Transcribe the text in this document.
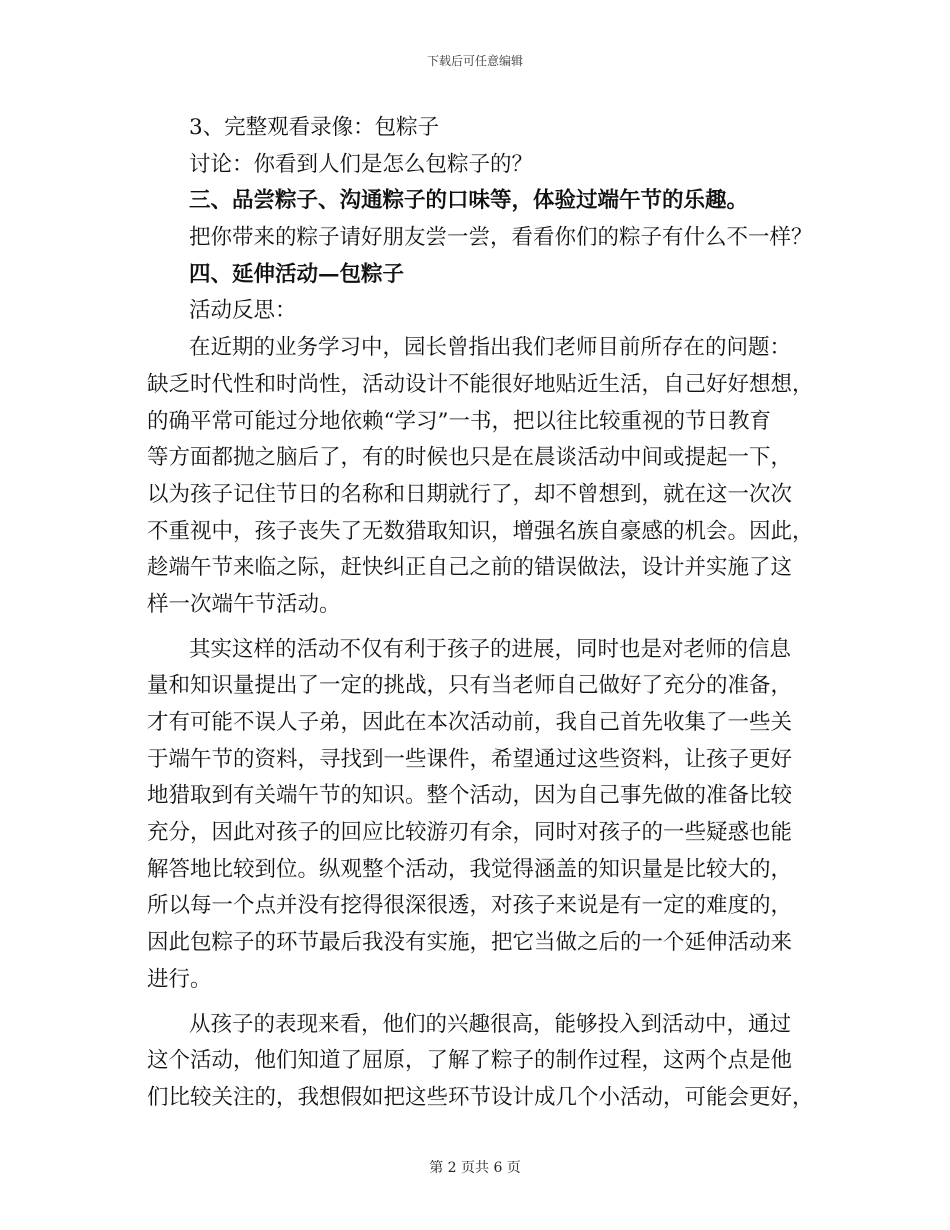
下载后可任意编辑
3、完整观看录像：包粽子
讨论：你看到人们是怎么包粽子的？
三、品尝粽子、沟通粽子的口味等，体验过端午节的乐趣。
把你带来的粽子请好朋友尝一尝，看看你们的粽子有什么不一样？
四、延伸活动—包粽子
活动反思：
在近期的业务学习中，园长曾指出我们老师目前所存在的问题：
缺乏时代性和时尚性，活动设计不能很好地贴近生活，自己好好想想，
的确平常可能过分地依赖“学习”一书，把以往比较重视的节日教育
等方面都抛之脑后了，有的时候也只是在晨谈活动中间或提起一下，
以为孩子记住节日的名称和日期就行了，却不曾想到，就在这一次次
不重视中，孩子丧失了无数猎取知识，增强名族自豪感的机会。因此，
趁端午节来临之际，赶快纠正自己之前的错误做法，设计并实施了这
样一次端午节活动。
其实这样的活动不仅有利于孩子的进展，同时也是对老师的信息
量和知识量提出了一定的挑战，只有当老师自己做好了充分的准备，
才有可能不误人子弟，因此在本次活动前，我自己首先收集了一些关
于端午节的资料，寻找到一些课件，希望通过这些资料，让孩子更好
地猎取到有关端午节的知识。整个活动，因为自己事先做的准备比较
充分，因此对孩子的回应比较游刃有余，同时对孩子的一些疑惑也能
解答地比较到位。纵观整个活动，我觉得涵盖的知识量是比较大的，
所以每一个点并没有挖得很深很透，对孩子来说是有一定的难度的，
因此包粽子的环节最后我没有实施，把它当做之后的一个延伸活动来
进行。
从孩子的表现来看，他们的兴趣很高，能够投入到活动中，通过
这个活动，他们知道了屈原，了解了粽子的制作过程，这两个点是他
们比较关注的，我想假如把这些环节设计成几个小活动，可能会更好，
第 2 页共 6 页
